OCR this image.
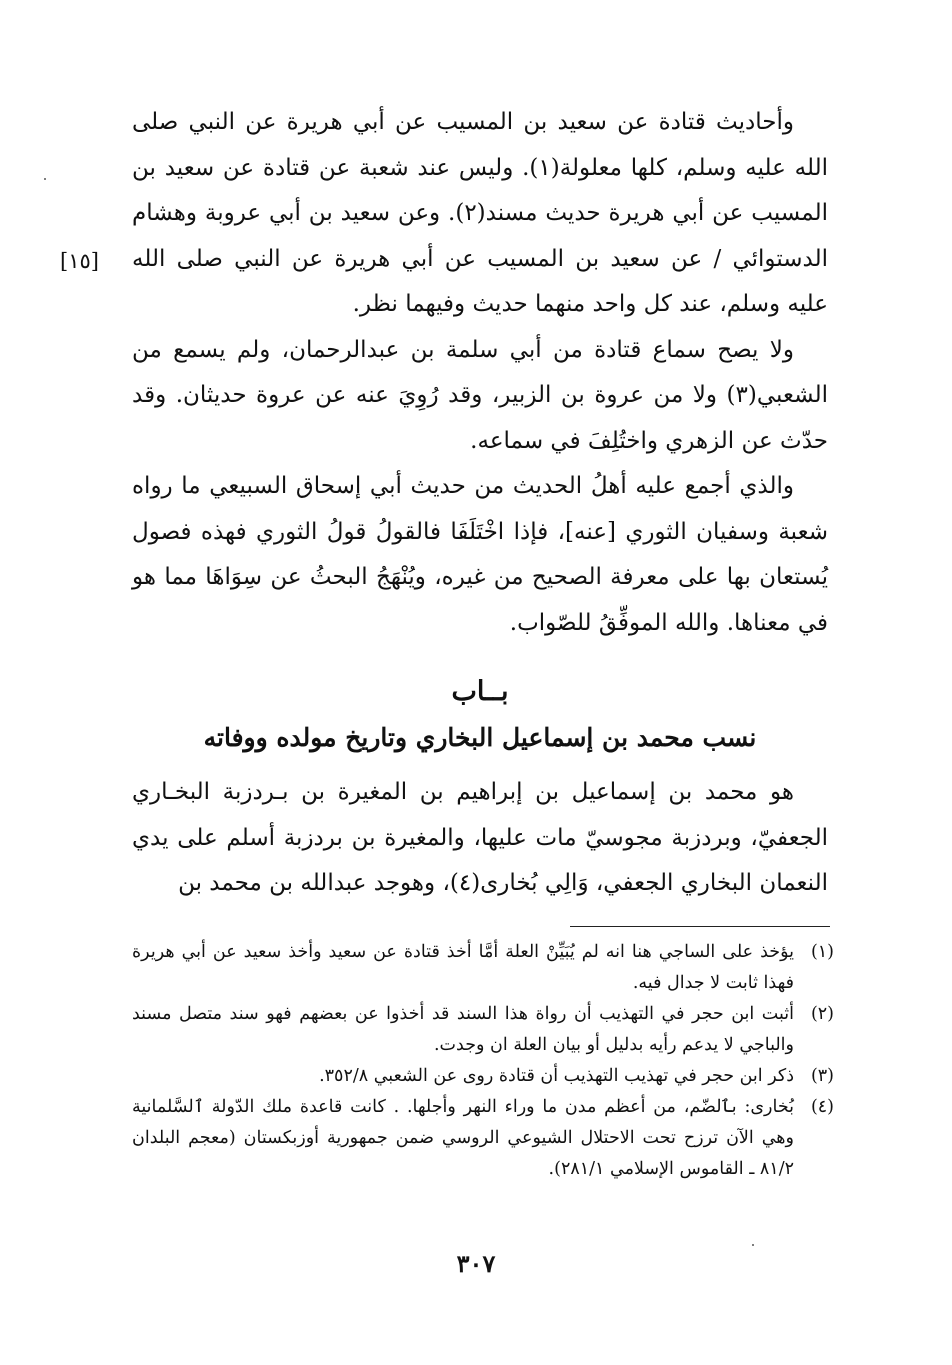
وأحاديث قتادة عن سعيد بن المسيب عن أبي هريرة عن النبي صلى الله عليه وسلم، كلها معلولة(١). وليس عند شعبة عن قتادة عن سعيد بن المسيب عن أبي هريرة حديث مسند(٢). وعن سعيد بن أبي عروبة وهشام الدستوائي / عن سعيد بن المسيب عن أبي هريرة عن النبي صلى الله عليه وسلم، عند كل واحد منهما حديث وفيهما نظر.

ولا يصح سماع قتادة من أبي سلمة بن عبدالرحمان، ولم يسمع من الشعبي(٣) ولا من عروة بن الزبير، وقد رُوِيَ عنه عن عروة حديثان. وقد حدّث عن الزهري واختُلِفَ في سماعه.

والذي أجمع عليه أهلُ الحديث من حديث أبي إسحاق السبيعي ما رواه شعبة وسفيان الثوري [عنه]، فإذا اخْتَلَفَا فالقولُ قولُ الثوري فهذه فصول يُستعان بها على معرفة الصحيح من غيره، ويُنْهَجُ البحثُ عن سِوَاهَا مما هو في معناها. والله الموفِّقُ للصّواب.

[١٥]
بــاب
نسب محمد بن إسماعيل البخاري وتاريخ مولده ووفاته

هو محمد بن إسماعيل بن إبراهيم بن المغيرة بن بـردزبة البخـاري الجعفيّ، وبردزبة مجوسيّ مات عليها، والمغيرة بن بردزبة أسلم على يدي النعمان البخاري الجعفي، وَالِي بُخارى(٤)، وهوجد عبدالله بن محمد بن

(١)
يؤخذ على الساجي هنا انه لم يُبَيِّنْ العلة أمَّا أخذ قتادة عن سعيد وأخذ سعيد عن أبي هريرة فهذا ثابت لا جدال فيه.
(٢)
أثبت ابن حجر في التهذيب أن رواة هذا السند قد أخذوا عن بعضهم فهو سند متصل مسند والباجي لا يدعم رأيه بدليل أو بيان العلة ان وجدت.
(٣)
ذكر ابن حجر في تهذيب التهذيب أن قتادة روى عن الشعبي ٣٥٢/٨.
(٤)
بُخارى: بٱلضّم، من أعظم مدن ما وراء النهر وأجلها. . كانت قاعدة ملك الدّولة ٱلسَّلمانية وهي الآن ترزح تحت الاحتلال الشيوعي الروسي ضمن جمهورية أوزبكستان (معجم البلدان ٨١/٢ ـ القاموس الإسلامي ٢٨١/١).
٣٠٧
